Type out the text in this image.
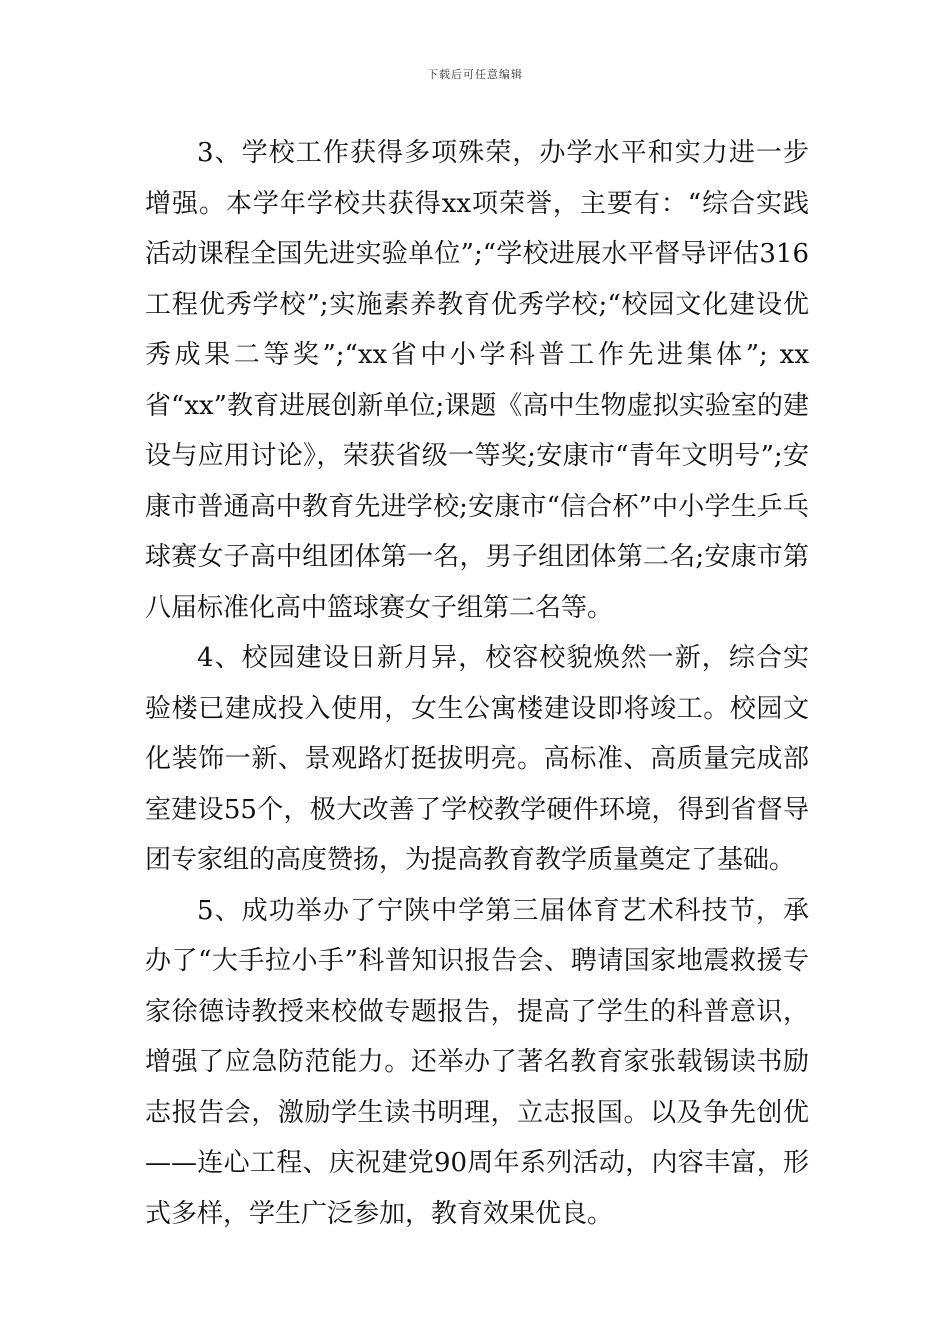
下载后可任意编辑

3、学校工作获得多项殊荣，办学水平和实力进一步增强。本学年学校共获得xx项荣誉，主要有：“综合实践活动课程全国先进实验单位”;“学校进展水平督导评估316工程优秀学校”;实施素养教育优秀学校;“校园文化建设优秀成果二等奖”;“xx省中小学科普工作先进集体”; xx省“xx”教育进展创新单位;课题《高中生物虚拟实验室的建设与应用讨论》，荣获省级一等奖;安康市“青年文明号”;安康市普通高中教育先进学校;安康市“信合杯”中小学生乒乓球赛女子高中组团体第一名，男子组团体第二名;安康市第八届标准化高中篮球赛女子组第二名等。

4、校园建设日新月异，校容校貌焕然一新，综合实验楼已建成投入使用，女生公寓楼建设即将竣工。校园文化装饰一新、景观路灯挺拔明亮。高标准、高质量完成部室建设55个，极大改善了学校教学硬件环境，得到省督导团专家组的高度赞扬，为提高教育教学质量奠定了基础。

5、成功举办了宁陕中学第三届体育艺术科技节，承办了“大手拉小手”科普知识报告会、聘请国家地震救援专家徐德诗教授来校做专题报告，提高了学生的科普意识，增强了应急防范能力。还举办了著名教育家张载锡读书励志报告会，激励学生读书明理，立志报国。以及争先创优——连心工程、庆祝建党90周年系列活动，内容丰富，形式多样，学生广泛参加，教育效果优良。
